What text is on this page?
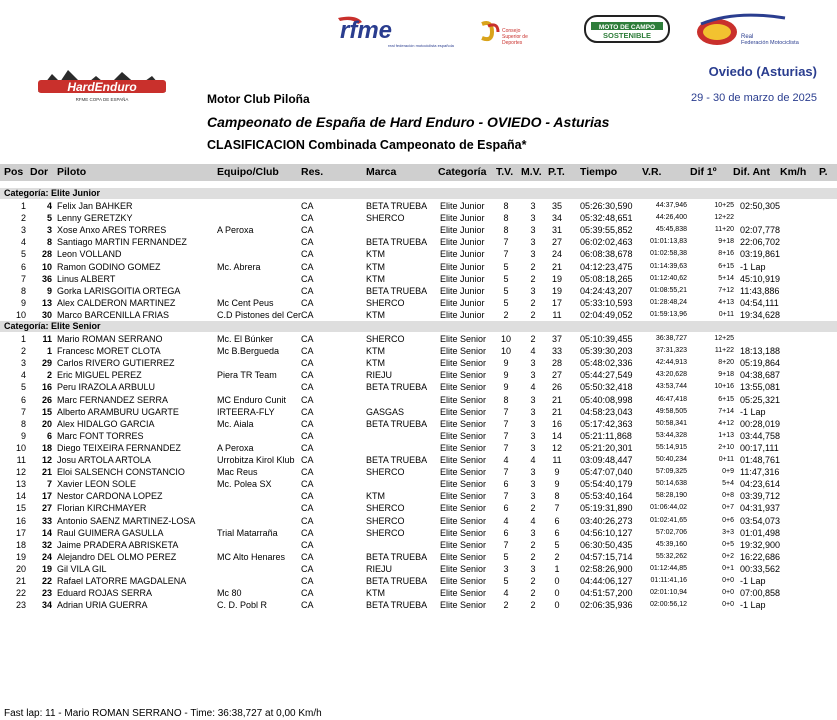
HardEnduro
RFME COPA DE ESPAÑA
rfme
real federación motociclista española
Consejo
Superior de
Deportes
MOTO DE CAMPO
SOSTENIBLE	Real
Federación Motociclista
Oviedo (Asturias)
29 - 30 de marzo de 2025
Motor Club Piloña
Campeonato de España de Hard Enduro - OVIEDO - Asturias
CLASIFICACION Combinada Campeonato de España*
Pos Dor Piloto	Equipo/Club Res.	Marca	Categoría T.V. M.V. P.T. Tiempo V.R.	Dif 1º Dif. Ant Km/h P.
Categoría: Elite Junior
1	4 Felix Jan BAHKER	CA	BETA TRUEBA	Elite Junior	8	3	35	05:26:30,590	44:37,946	10+25 02:50,305
2	5 Lenny GERETZKY	CA	SHERCO	Elite Junior	8	3	34	05:32:48,651	44:26,400	12+22
3	3 Xose Anxo ARES TORRES	A Peroxa	CA	Elite Junior	8	3	31	05:39:55,852	45:45,838	11+20 02:07,778
4	8 Santiago MARTIN FERNANDEZ	CA	BETA TRUEBA	Elite Junior	7	3	27	06:02:02,463	01:01:13,83	9+18 22:06,702
5	28 Leon VOLLAND	CA	KTM	Elite Junior	7	3	24	06:08:38,678	01:02:58,38	8+16 03:19,861
6	10 Ramon GODINO GOMEZ	Mc. Abrera	CA	KTM	Elite Junior	5	2	21	04:12:23,475	01:14:39,63	6+15 -1 Lap
7	36 Linus ALBERT	CA	KTM	Elite Junior	5	2	19	05:08:18,265	01:12:40,62	5+14 45:10,919
8	9 Gorka LARISGOITIA ORTEGA	CA	BETA TRUEBA	Elite Junior	5	3	19	04:24:43,207	01:08:55,21	7+12 11:43,886
9	13 Alex CALDERON MARTINEZ	Mc Cent Peus	CA	SHERCO	Elite Junior	5	2	17	05:33:10,593	01:28:48,24	4+13 04:54,111
10	30 Marco BARCENILLA FRIAS	C.D Pistones del Cer CA	KTM	Elite Junior	2	2	11	02:04:49,052	01:59:13,96	0+11 19:34,628
Categoría: Elite Senior
1	11 Mario ROMAN SERRANO	Mc. El Búnker	CA	SHERCO	Elite Senior	10	2	37	05:10:39,455	36:38,727	12+25
2	1 Francesc MORET CLOTA	Mc B.Bergueda	CA	KTM	Elite Senior	10	4	33	05:39:30,203	37:31,323	11+22 18:13,188
3	29 Carlos RIVERO GUTIERREZ	CA	KTM	Elite Senior	9	3	28	05:48:02,336	42:44,913	8+20 05:19,864
4	2 Eric MIGUEL PEREZ	Piera TR Team	CA	RIEJU	Elite Senior	9	3	27	05:44:27,549	43:20,628	9+18 04:38,687
5	16 Peru IRAZOLA ARBULU	CA	BETA TRUEBA	Elite Senior	9	4	26	05:50:32,418	43:53,744	10+16 13:55,081
6	26 Marc FERNANDEZ SERRA	MC Enduro Cunit	CA	Elite Senior	8	3	21	05:40:08,998	46:47,418	6+15 05:25,321
7	15 Alberto ARAMBURU UGARTE	IRTEERA-FLY	CA	GASGAS	Elite Senior	7	3	21	04:58:23,043	49:58,505	7+14 -1 Lap
8	20 Alex HIDALGO GARCIA	Mc. Aiala	CA	BETA TRUEBA	Elite Senior	7	3	16	05:17:42,363	50:58,341	4+12 00:28,019
9	6 Marc FONT TORRES	CA	Elite Senior	7	3	14	05:21:11,868	53:44,328	1+13 03:44,758
10	18 Diego TEIXEIRA FERNANDEZ	A Peroxa	CA	Elite Senior	7	3	12	05:21:20,301	55:14,915	2+10 00:17,111
11	12 Josu ARTOLA ARTOLA	Urrobitza Kirol Klub CA	BETA TRUEBA	Elite Senior	4	4	11	03:09:48,447	50:40,234	0+11 01:48,761
12	21 Eloi SALSENCH CONSTANCIO	Mac Reus	CA	SHERCO	Elite Senior	7	3	9	05:47:07,040	57:09,325	0+9 11:47,316
13	7 Xavier LEON SOLE	Mc. Polea SX	CA	Elite Senior	6	3	9	05:54:40,179	50:14,638	5+4 04:23,614
14	17 Nestor CARDONA LOPEZ	CA	KTM	Elite Senior	7	3	8	05:53:40,164	58:28,190	0+8 03:39,712
15	27 Florian KIRCHMAYER	CA	SHERCO	Elite Senior	6	2	7	05:19:31,890	01:06:44,02	0+7 04:31,937
16	33 Antonio SAENZ MARTINEZ-LOSA	CA	SHERCO	Elite Senior	4	4	6	03:40:26,273	01:02:41,65	0+6 03:54,073
17	14 Raul GUIMERA GASULLA	Trial Matarraña	CA	SHERCO	Elite Senior	6	3	6	04:56:10,127	57:02,706	3+3 01:01,498
18	32 Jaime PRADERA ABRISKETA	CA	Elite Senior	7	2	5	06:30:50,435	45:39,160	0+5 19:32,900
19	24 Alejandro DEL OLMO PEREZ	MC Alto Henares	CA	BETA TRUEBA	Elite Senior	5	2	2	04:57:15,714	55:32,262	0+2 16:22,686
20	19 Gil VILA GIL	CA	RIEJU	Elite Senior	3	3	1	02:58:26,900	01:12:44,85	0+1 00:33,562
21	22 Rafael LATORRE MAGDALENA	CA	BETA TRUEBA	Elite Senior	5	2	0	04:44:06,127	01:11:41,16	0+0 -1 Lap
22	23 Eduard ROJAS SERRA	Mc 80	CA	KTM	Elite Senior	4	2	0	04:51:57,200	02:01:10,94	0+0 07:00,858
23	34 Adrian URIA GUERRA	C. D. Pobl R	CA	BETA TRUEBA	Elite Senior	2	2	0	02:06:35,936	02:00:56,12	0+0 -1 Lap
Fast lap: 11 - Mario ROMAN SERRANO - Time: 36:38,727 at 0,00 Km/h
